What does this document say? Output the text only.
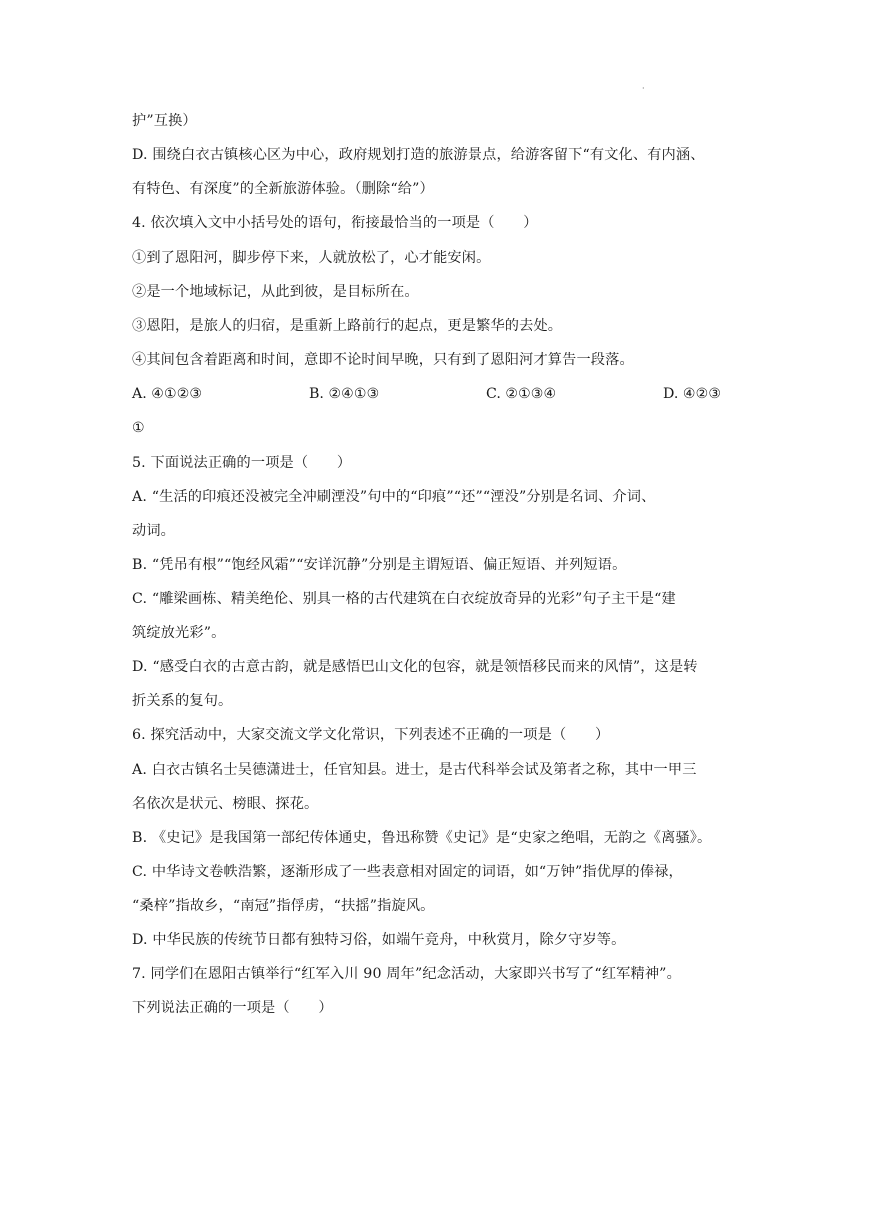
·
护”互换）
D. 围绕白衣古镇核心区为中心，政府规划打造的旅游景点，给游客留下“有文化、有内涵、
有特色、有深度”的全新旅游体验。（删除“给”）
4. 依次填入文中小括号处的语句，衔接最恰当的一项是（　　）
①到了恩阳河，脚步停下来，人就放松了，心才能安闲。
②是一个地域标记，从此到彼，是目标所在。
③恩阳，是旅人的归宿，是重新上路前行的起点，更是繁华的去处。
④其间包含着距离和时间，意即不论时间早晚，只有到了恩阳河才算告一段落。
A. ④①②③	B. ②④①③	C. ②①③④	D. ④②③
①
5. 下面说法正确的一项是（　　）
A. “生活的印痕还没被完全冲刷湮没”句中的“印痕”“还”“湮没”分别是名词、介词、
动词。
B. “凭吊有根”“饱经风霜”“安详沉静”分别是主谓短语、偏正短语、并列短语。
C. “雕梁画栋、精美绝伦、别具一格的古代建筑在白衣绽放奇异的光彩”句子主干是“建
筑绽放光彩”。
D. “感受白衣的古意古韵，就是感悟巴山文化的包容，就是领悟移民而来的风情”，这是转
折关系的复句。
6. 探究活动中，大家交流文学文化常识，下列表述不正确的一项是（　　）
A. 白衣古镇名士吴德潇进士，任官知县。进士，是古代科举会试及第者之称，其中一甲三
名依次是状元、榜眼、探花。
B. 《史记》是我国第一部纪传体通史，鲁迅称赞《史记》是“史家之绝唱，无韵之《离骚》。
C. 中华诗文卷帙浩繁，逐渐形成了一些表意相对固定的词语，如“万钟”指优厚的俸禄，
“桑梓”指故乡，“南冠”指俘虏，“扶摇”指旋风。
D. 中华民族的传统节日都有独特习俗，如端午竞舟，中秋赏月，除夕守岁等。
7. 同学们在恩阳古镇举行“红军入川 90 周年”纪念活动，大家即兴书写了“红军精神”。
下列说法正确的一项是（　　）
